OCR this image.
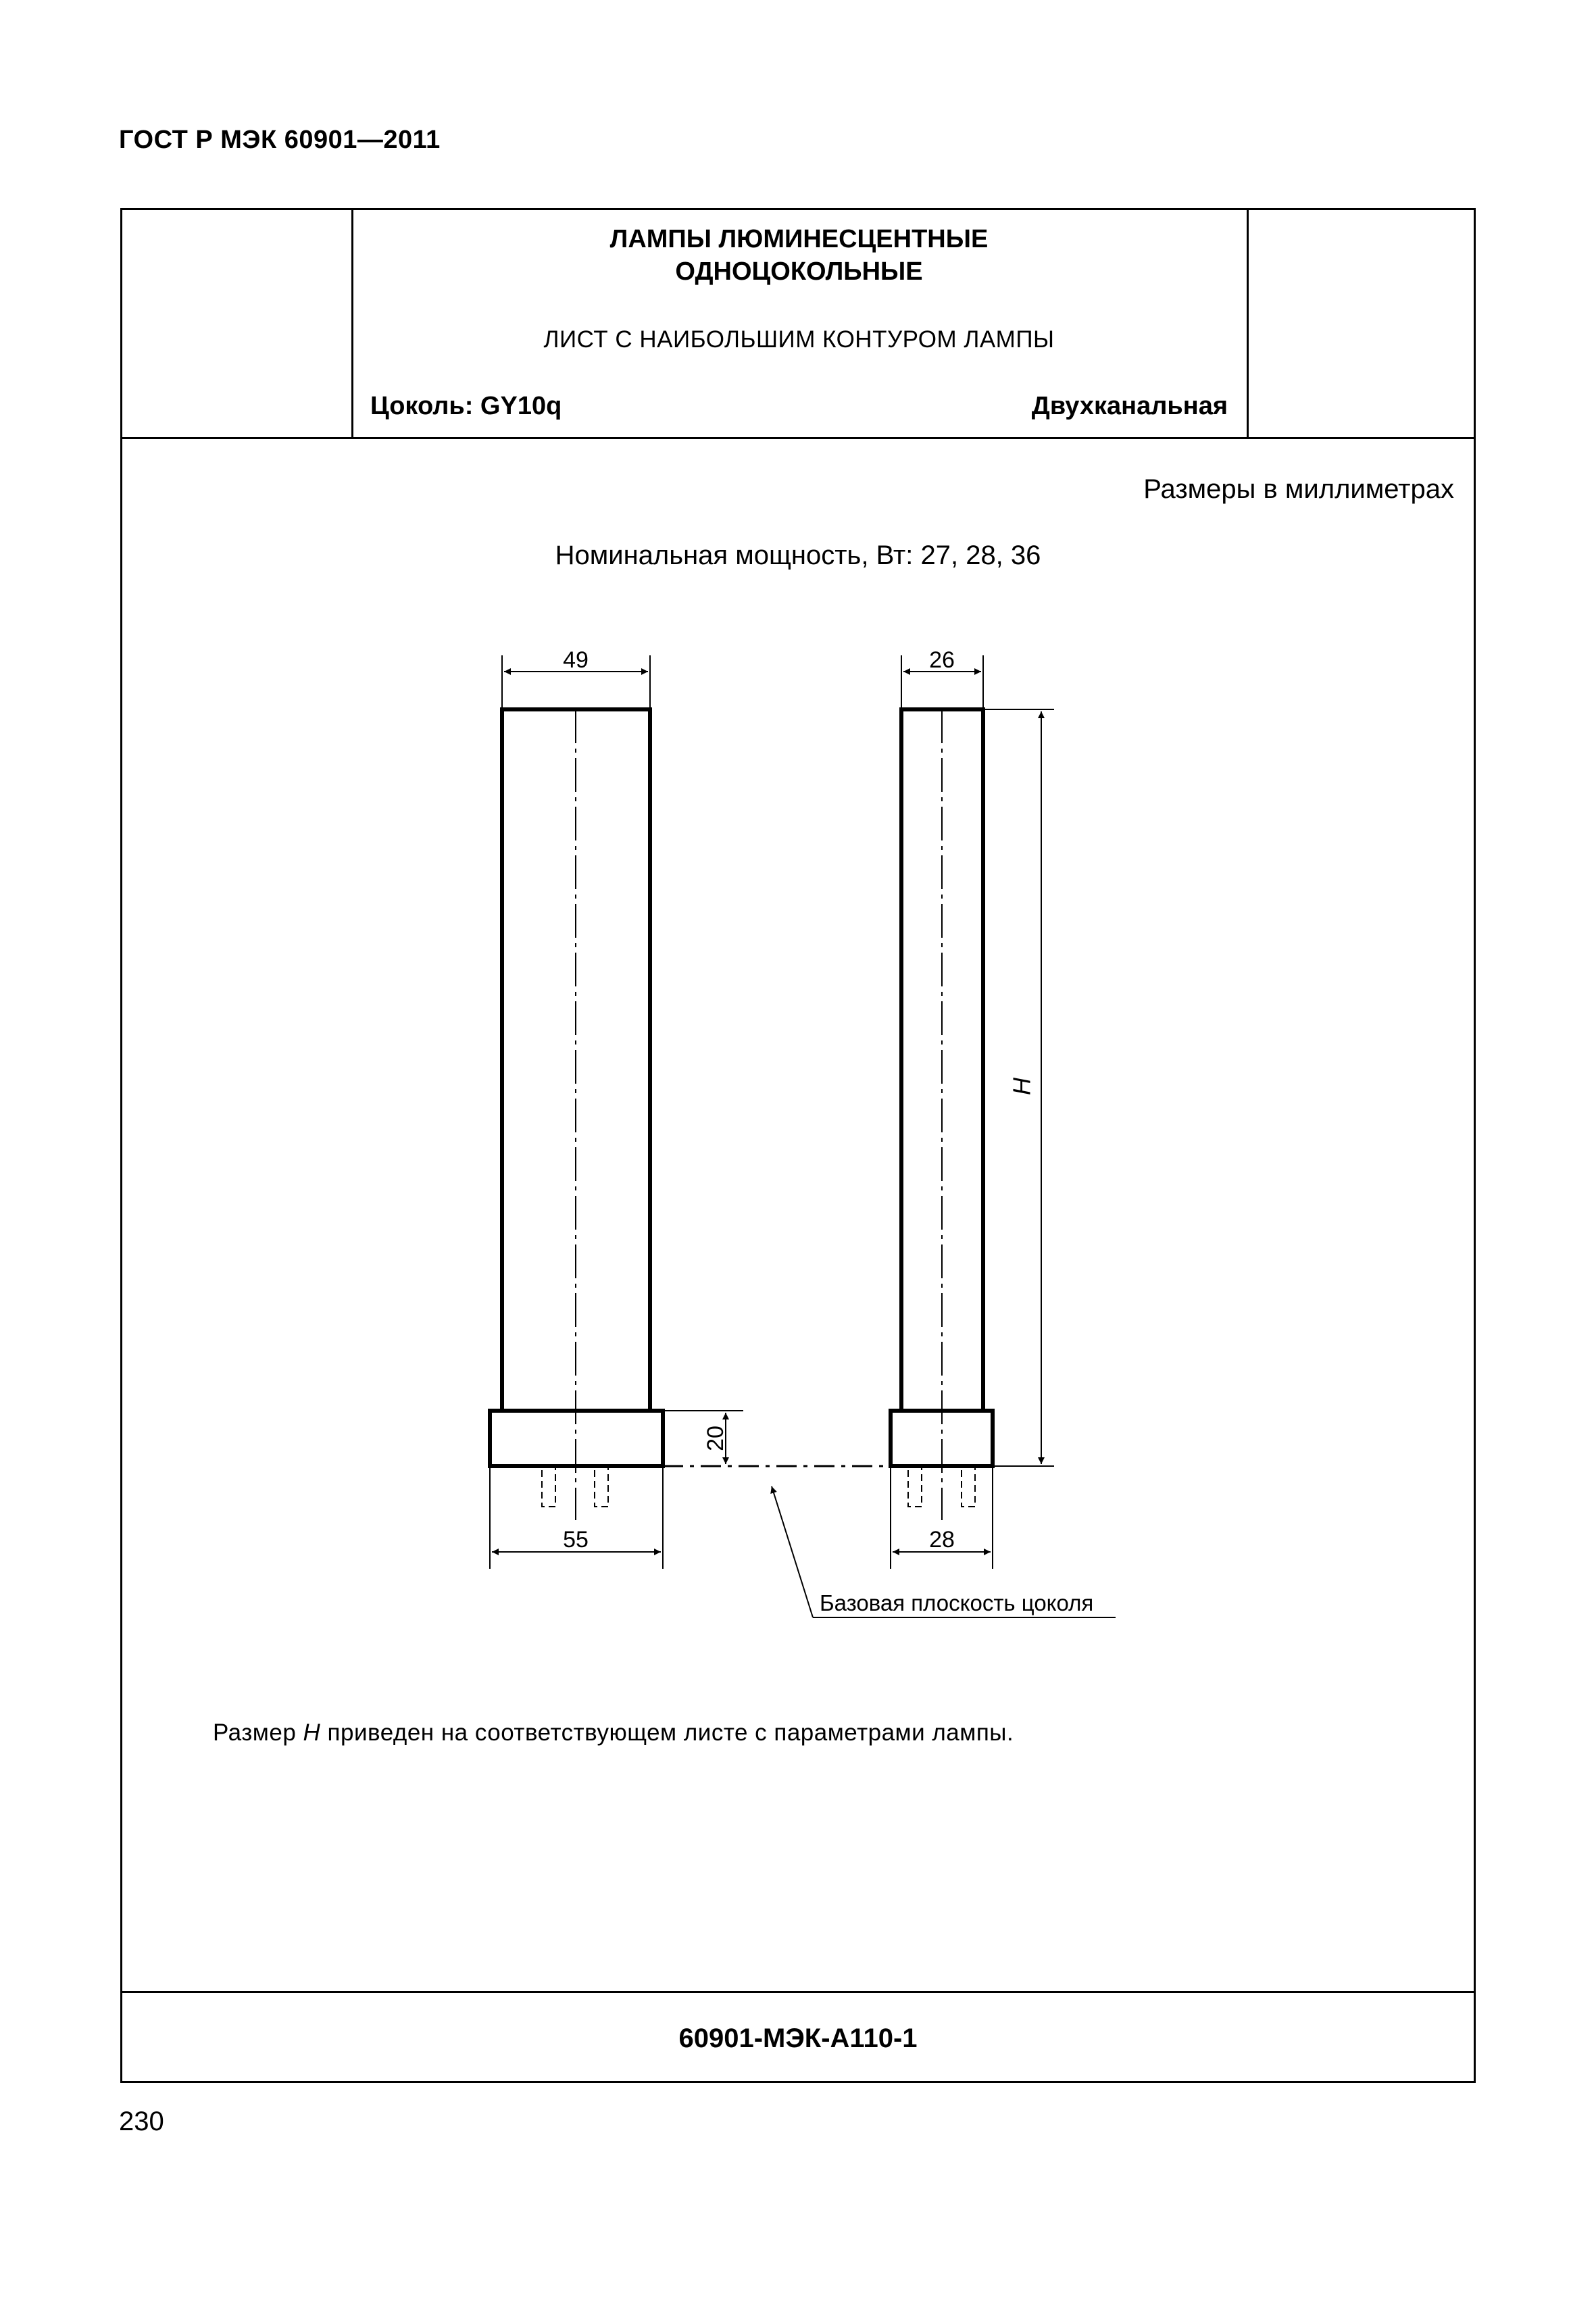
ГОСТ Р МЭК 60901—2011
ЛАМПЫ ЛЮМИНЕСЦЕНТНЫЕ
ОДНОЦОКОЛЬНЫЕ
ЛИСТ С НАИБОЛЬШИМ КОНТУРОМ ЛАМПЫ
Цоколь: GY10q	Двухканальная
Размеры в миллиметрах
Номинальная мощность, Вт: 27, 28, 36
49
55
20
26
28
H
Базовая плоскость цоколя
Размер H приведен на соответствующем листе с параметрами лампы.
60901-МЭК-А110-1
230
